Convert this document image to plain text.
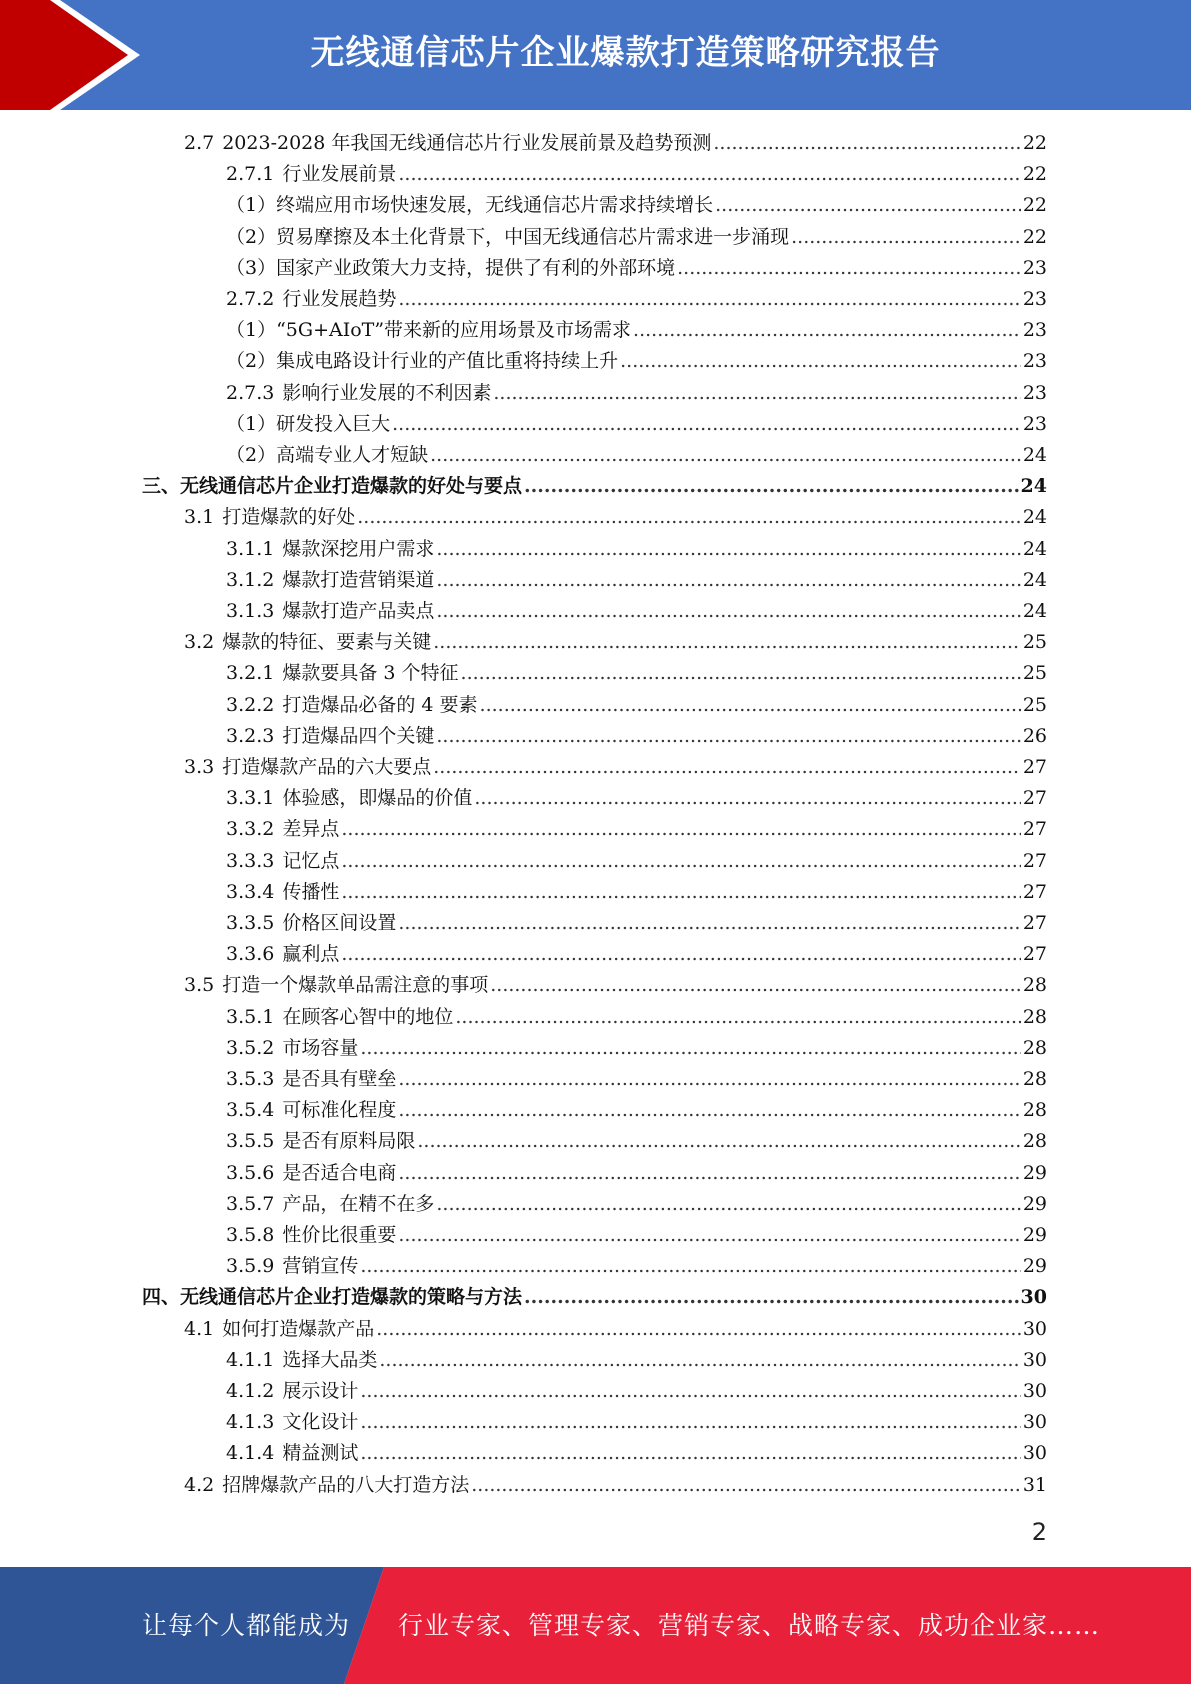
无线通信芯片企业爆款打造策略研究报告
2.7 2023-2028 年我国无线通信芯片行业发展前景及趋势预测 .....	22
2.7.1 行业发展前景 .....	22
（1） 终端应用市场快速发展，无线通信芯片需求持续增长 .....	22
（2） 贸易摩擦及本土化背景下，中国无线通信芯片需求进一步涌现 .....	22
（3） 国家产业政策大力支持，提供了有利的外部环境 .....	23
2.7.2 行业发展趋势 .....	23
（1） “5G+AIoT”带来新的应用场景及市场需求 .....	23
（2） 集成电路设计行业的产值比重将持续上升 .....	23
2.7.3 影响行业发展的不利因素 .....	23
（1） 研发投入巨大 .....	23
（2） 高端专业人才短缺 .....	24
三、 无线通信芯片企业打造爆款的好处与要点 .....	24
3.1 打造爆款的好处 .....	24
3.1.1 爆款深挖用户需求 .....	24
3.1.2 爆款打造营销渠道 .....	24
3.1.3 爆款打造产品卖点 .....	24
3.2 爆款的特征、要素与关键 .....	25
3.2.1 爆款要具备 3 个特征 .....	25
3.2.2 打造爆品必备的 4 要素 .....	25
3.2.3 打造爆品四个关键 .....	26
3.3 打造爆款产品的六大要点 .....	27
3.3.1 体验感，即爆品的价值 .....	27
3.3.2 差异点 .....	27
3.3.3 记忆点 .....	27
3.3.4 传播性 .....	27
3.3.5 价格区间设置 .....	27
3.3.6 赢利点 .....	27
3.5 打造一个爆款单品需注意的事项 .....	28
3.5.1 在顾客心智中的地位 .....	28
3.5.2 市场容量 .....	28
3.5.3 是否具有壁垒 .....	28
3.5.4 可标准化程度 .....	28
3.5.5 是否有原料局限 .....	28
3.5.6 是否适合电商 .....	29
3.5.7 产品，在精不在多 .....	29
3.5.8 性价比很重要 .....	29
3.5.9 营销宣传 .....	29
四、 无线通信芯片企业打造爆款的策略与方法 .....	30
4.1 如何打造爆款产品 .....	30
4.1.1 选择大品类 .....	30
4.1.2 展示设计 .....	30
4.1.3 文化设计 .....	30
4.1.4 精益测试 .....	30
4.2 招牌爆款产品的八大打造方法 .....	31
2
让每个人都能成为 行业专家、管理专家、营销专家、战略专家、成功企业家……
